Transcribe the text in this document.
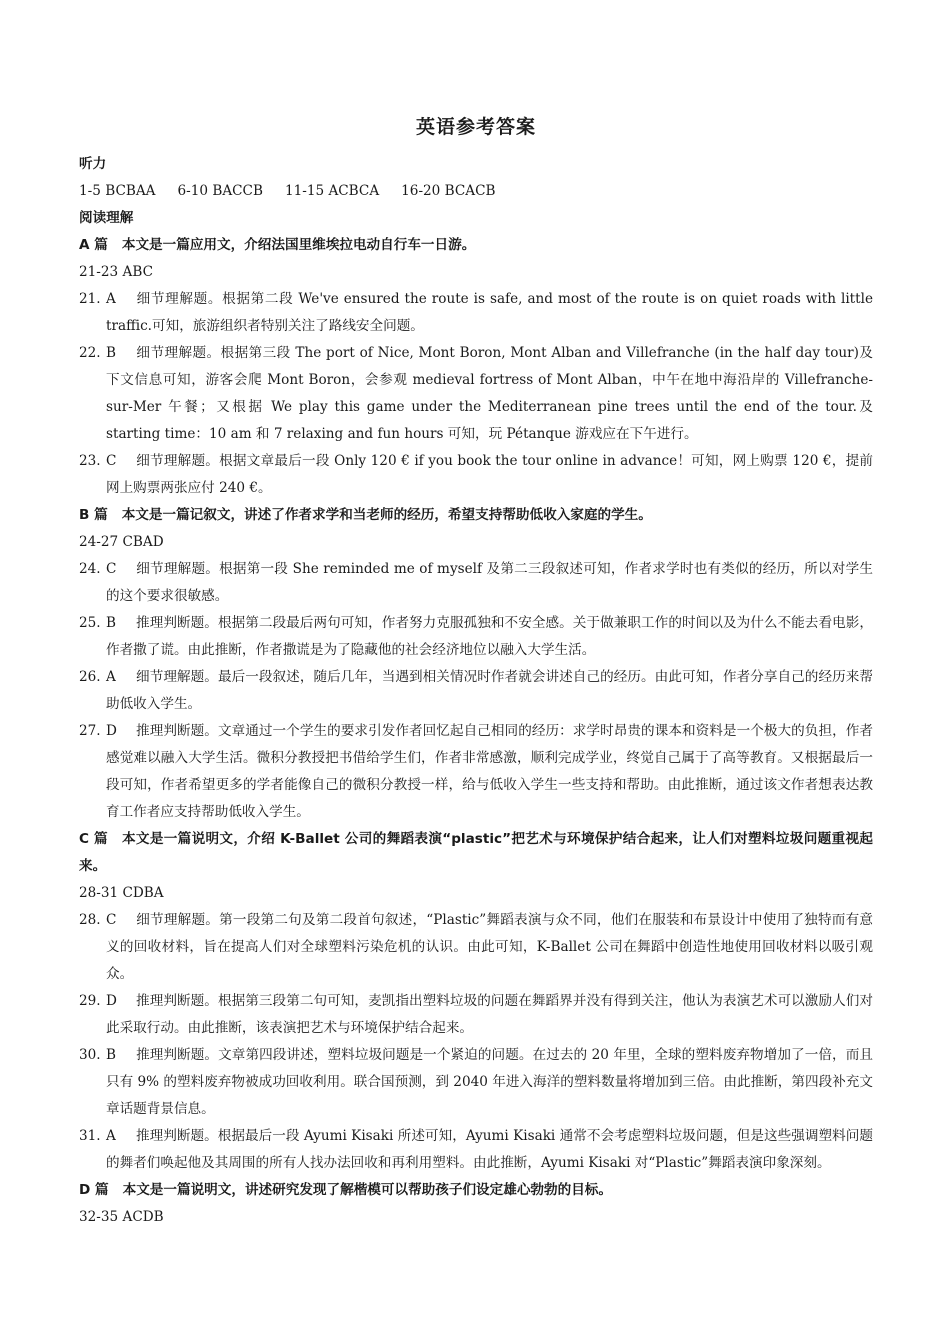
英语参考答案
听力
1-5 BCBAA 6-10 BACCB 11-15 ACBCA 16-20 BCACB
阅读理解
A 篇 本文是一篇应用文，介绍法国里维埃拉电动自行车一日游。
21-23 ABC
21. A 细节理解题。根据第二段 We've ensured the route is safe, and most of the route is on quiet roads with little traffic.可知，旅游组织者特别关注了路线安全问题。
22. B 细节理解题。根据第三段 The port of Nice, Mont Boron, Mont Alban and Villefranche (in the half day tour)及下文信息可知，游客会爬 Mont Boron，会参观 medieval fortress of Mont Alban，中午在地中海沿岸的 Villefranche-sur-Mer 午餐；又根据 We play this game under the Mediterranean pine trees until the end of the tour.及 starting time：10 am 和 7 relaxing and fun hours 可知，玩 Pétanque 游戏应在下午进行。
23. C 细节理解题。根据文章最后一段 Only 120 € if you book the tour online in advance！可知，网上购票 120 €，提前网上购票两张应付 240 €。
B 篇 本文是一篇记叙文，讲述了作者求学和当老师的经历，希望支持帮助低收入家庭的学生。
24-27 CBAD
24. C 细节理解题。根据第一段 She reminded me of myself 及第二三段叙述可知，作者求学时也有类似的经历，所以对学生的这个要求很敏感。
25. B 推理判断题。根据第二段最后两句可知，作者努力克服孤独和不安全感。关于做兼职工作的时间以及为什么不能去看电影，作者撒了谎。由此推断，作者撒谎是为了隐藏他的社会经济地位以融入大学生活。
26. A 细节理解题。最后一段叙述，随后几年，当遇到相关情况时作者就会讲述自己的经历。由此可知，作者分享自己的经历来帮助低收入学生。
27. D 推理判断题。文章通过一个学生的要求引发作者回忆起自己相同的经历：求学时昂贵的课本和资料是一个极大的负担，作者感觉难以融入大学生活。微积分教授把书借给学生们，作者非常感激，顺利完成学业，终觉自己属于了高等教育。又根据最后一段可知，作者希望更多的学者能像自己的微积分教授一样，给与低收入学生一些支持和帮助。由此推断，通过该文作者想表达教育工作者应支持帮助低收入学生。
C 篇 本文是一篇说明文，介绍 K-Ballet 公司的舞蹈表演“plastic”把艺术与环境保护结合起来，让人们对塑料垃圾问题重视起来。
28-31 CDBA
28. C 细节理解题。第一段第二句及第二段首句叙述，“Plastic”舞蹈表演与众不同，他们在服装和布景设计中使用了独特而有意义的回收材料，旨在提高人们对全球塑料污染危机的认识。由此可知，K-Ballet 公司在舞蹈中创造性地使用回收材料以吸引观众。
29. D 推理判断题。根据第三段第二句可知，麦凯指出塑料垃圾的问题在舞蹈界并没有得到关注，他认为表演艺术可以激励人们对此采取行动。由此推断，该表演把艺术与环境保护结合起来。
30. B 推理判断题。文章第四段讲述，塑料垃圾问题是一个紧迫的问题。在过去的 20 年里，全球的塑料废弃物增加了一倍，而且只有 9% 的塑料废弃物被成功回收利用。联合国预测，到 2040 年进入海洋的塑料数量将增加到三倍。由此推断，第四段补充文章话题背景信息。
31. A 推理判断题。根据最后一段 Ayumi Kisaki 所述可知，Ayumi Kisaki 通常不会考虑塑料垃圾问题，但是这些强调塑料问题的舞者们唤起他及其周围的所有人找办法回收和再利用塑料。由此推断，Ayumi Kisaki 对“Plastic”舞蹈表演印象深刻。
D 篇 本文是一篇说明文，讲述研究发现了解楷模可以帮助孩子们设定雄心勃勃的目标。
32-35 ACDB
